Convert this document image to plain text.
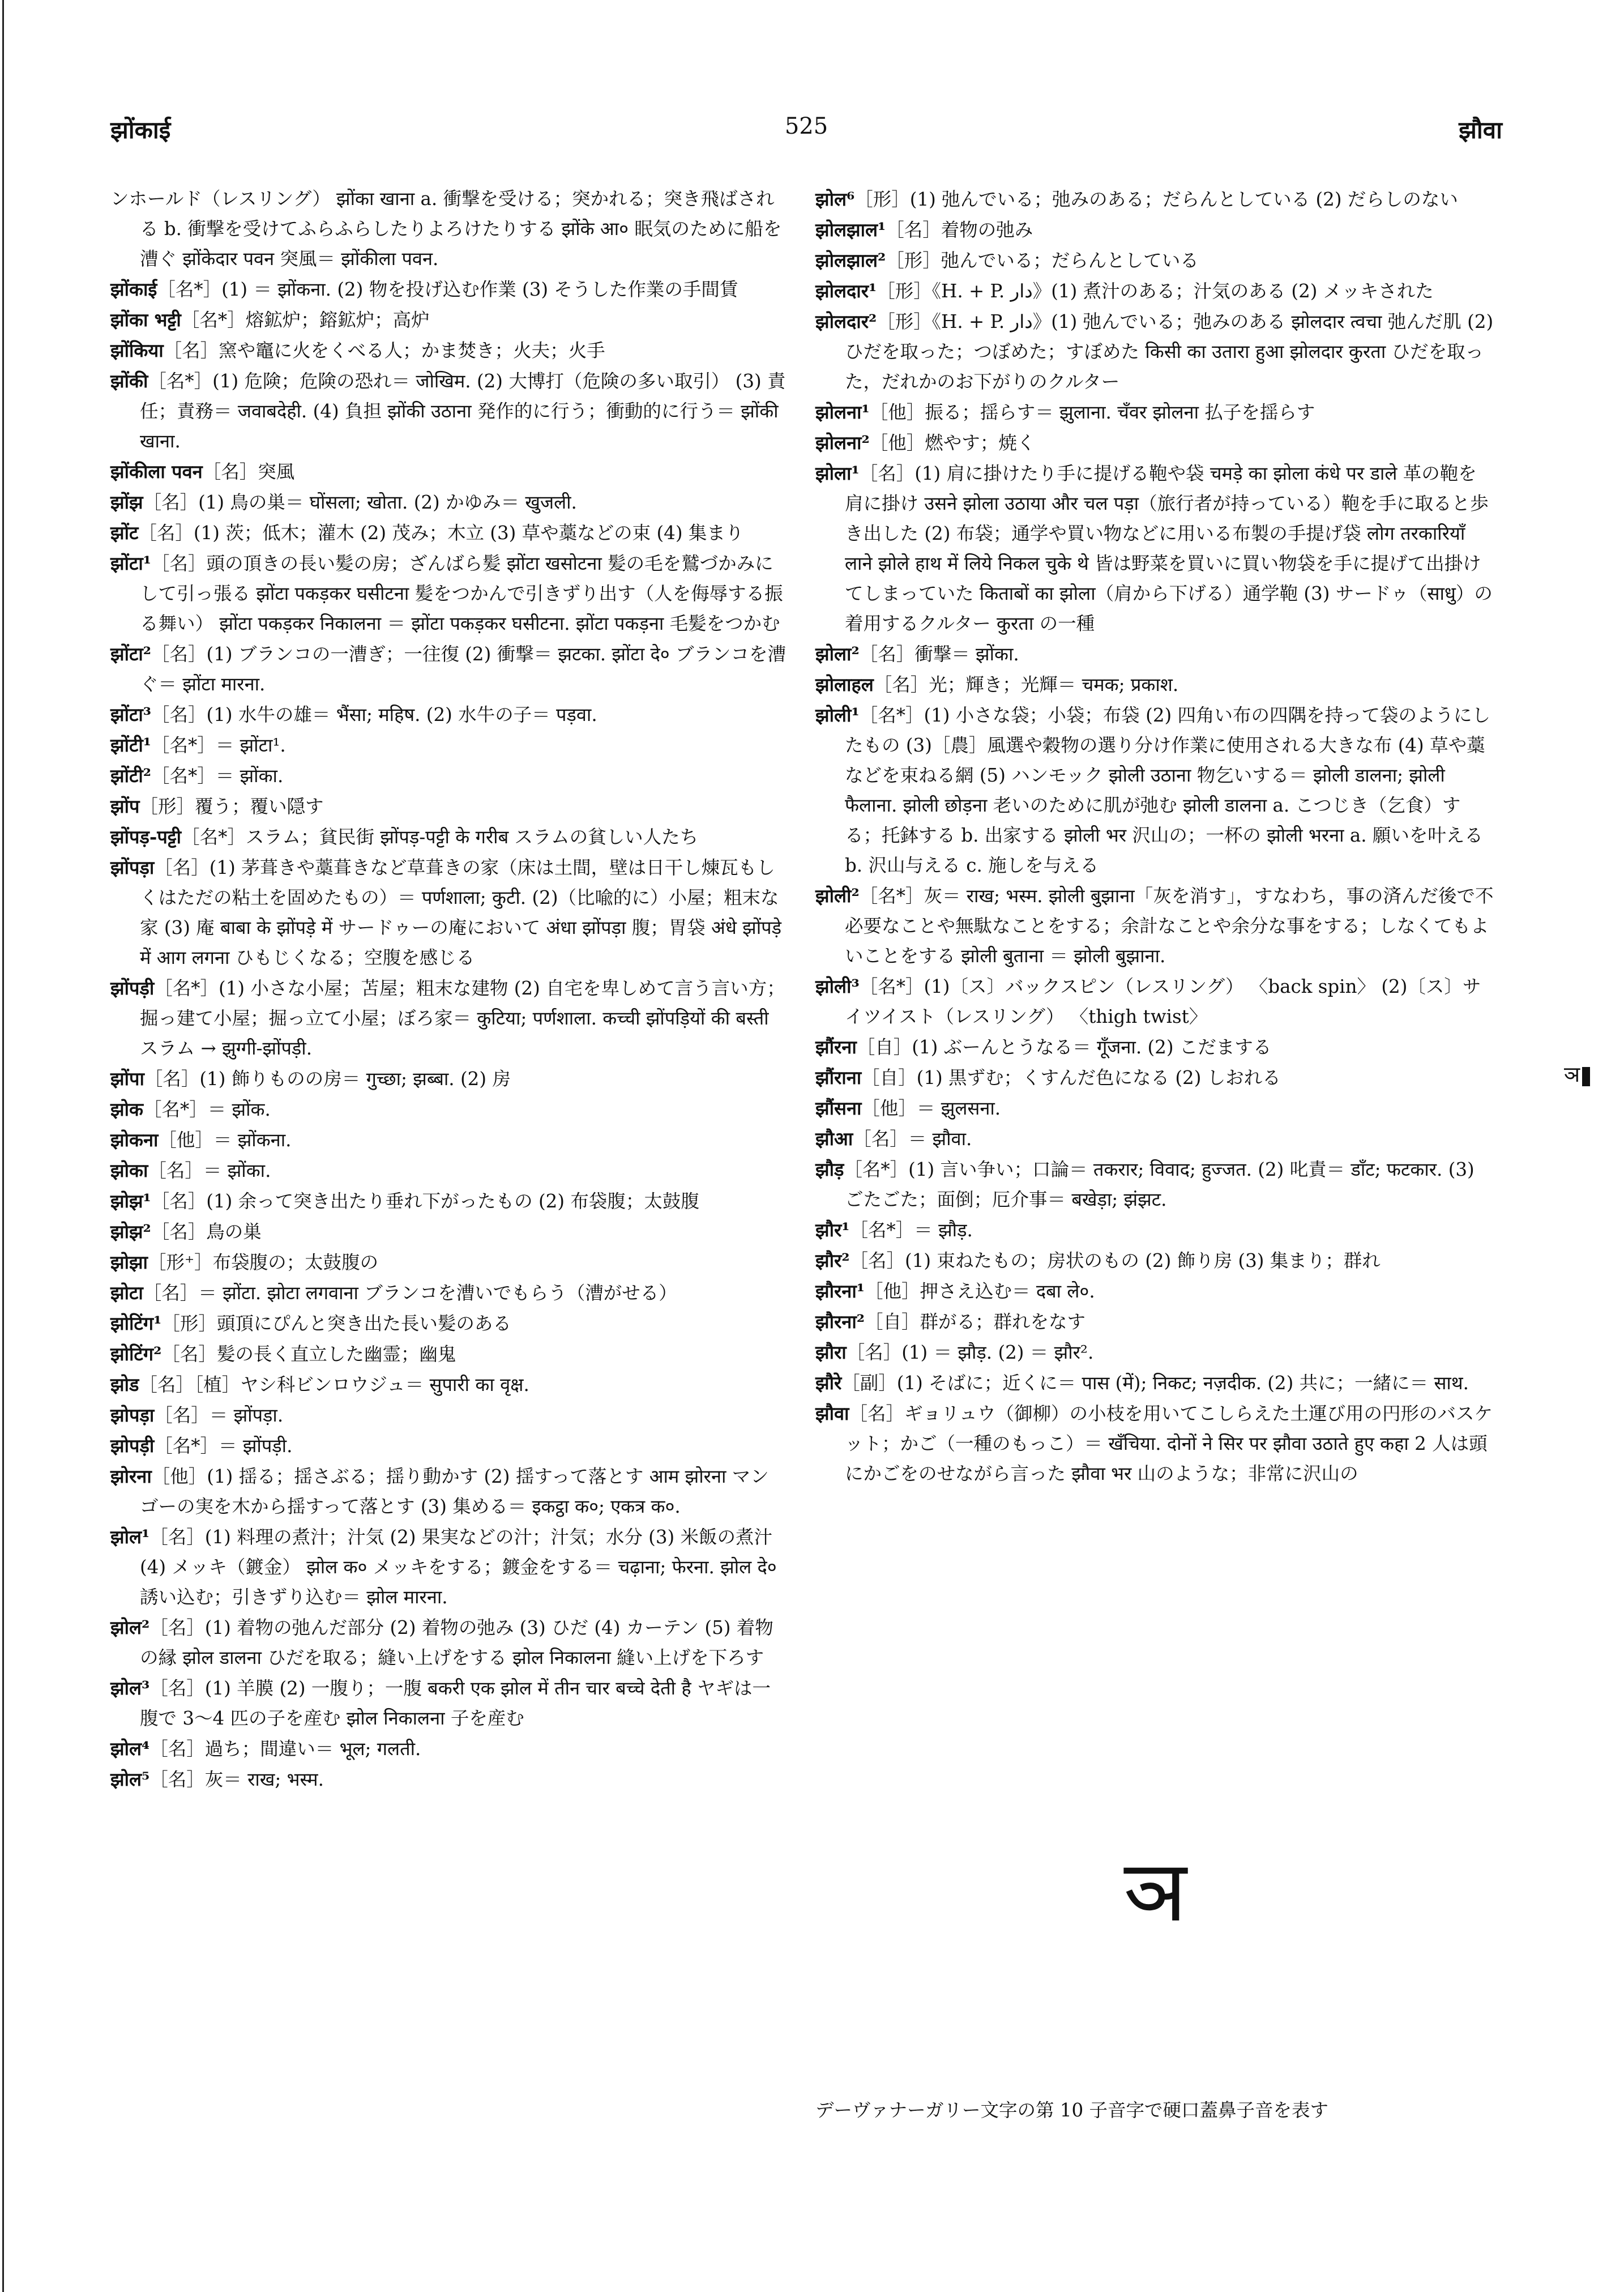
झोंकाई	525	झौवा

ンホールド（レスリング） झोंका खाना a. 衝撃を受ける；突かれる；突き飛ばされる b. 衝撃を受けてふらふらしたりよろけたりする झोंके आ० 眠気のために船を漕ぐ झोंकेदार पवन 突風＝ झोंकीला पवन.

झोंकाई［名*］(1) ＝ झोंकना. (2) 物を投げ込む作業 (3) そうした作業の手間賃

झोंका भट्टी［名*］熔鉱炉；鎔鉱炉；高炉

झोंकिया［名］窯や竈に火をくべる人；かま焚き；火夫；火手

झोंकी［名*］(1) 危険；危険の恐れ＝ जोखिम. (2) 大博打（危険の多い取引） (3) 責任；責務＝ जवाबदेही. (4) 負担 झोंकी उठाना 発作的に行う；衝動的に行う＝ झोंकी खाना.

झोंकीला पवन［名］突風

झोंझ［名］(1) 鳥の巣＝ घोंसला; खोता. (2) かゆみ＝ खुजली.

झोंट［名］(1) 茨；低木；灌木 (2) 茂み；木立 (3) 草や藁などの束 (4) 集まり

झोंटा¹［名］頭の頂きの長い髪の房；ざんばら髪 झोंटा खसोटना 髪の毛を鷲づかみにして引っ張る झोंटा पकड़कर घसीटना 髪をつかんで引きずり出す（人を侮辱する振る舞い） झोंटा पकड़कर निकालना ＝ झोंटा पकड़कर घसीटना. झोंटा पकड़ना 毛髪をつかむ

झोंटा²［名］(1) ブランコの一漕ぎ；一往復 (2) 衝撃＝ झटका. झोंटा दे० ブランコを漕ぐ＝ झोंटा मारना.

झोंटा³［名］(1) 水牛の雄＝ भैंसा; महिष. (2) 水牛の子＝ पड़वा.

झोंटी¹［名*］＝ झोंटा¹.

झोंटी²［名*］＝ झोंका.

झोंप［形］覆う；覆い隠す

झोंपड़-पट्टी［名*］スラム；貧民街 झोंपड़-पट्टी के गरीब スラムの貧しい人たち

झोंपड़ा［名］(1) 茅葺きや藁葺きなど草葺きの家（床は土間，壁は日干し煉瓦もしくはただの粘土を固めたもの）＝ पर्णशाला; कुटी. (2)（比喩的に）小屋；粗末な家 (3) 庵 बाबा के झोंपड़े में サードゥーの庵において अंधा झोंपड़ा 腹；胃袋 अंधे झोंपड़े में आग लगना ひもじくなる；空腹を感じる

झोंपड़ी［名*］(1) 小さな小屋；苫屋；粗末な建物 (2) 自宅を卑しめて言う言い方；掘っ建て小屋；掘っ立て小屋；ぼろ家＝ कुटिया; पर्णशाला. कच्ची झोंपड़ियों की बस्ती スラム → झुग्गी-झोंपड़ी.

झोंपा［名］(1) 飾りものの房＝ गुच्छा; झब्बा. (2) 房

झोक［名*］＝ झोंक.

झोकना［他］＝ झोंकना.

झोका［名］＝ झोंका.

झोझ¹［名］(1) 余って突き出たり垂れ下がったもの (2) 布袋腹；太鼓腹

झोझ²［名］鳥の巣

झोझा［形⁺］布袋腹の；太鼓腹の

झोटा［名］＝ झोंटा. झोटा लगवाना ブランコを漕いでもらう（漕がせる）

झोटिंग¹［形］頭頂にぴんと突き出た長い髪のある

झोटिंग²［名］髪の長く直立した幽霊；幽鬼

झोड［名］［植］ヤシ科ビンロウジュ＝ सुपारी का वृक्ष.

झोपड़ा［名］＝ झोंपड़ा.

झोपड़ी［名*］＝ झोंपड़ी.

झोरना［他］(1) 揺る；揺さぶる；揺り動かす (2) 揺すって落とす आम झोरना マンゴーの実を木から揺すって落とす (3) 集める＝ इकट्ठा क०; एकत्र क०.

झोल¹［名］(1) 料理の煮汁；汁気 (2) 果実などの汁；汁気；水分 (3) 米飯の煮汁 (4) メッキ（鍍金） झोल क० メッキをする；鍍金をする＝ चढ़ाना; फेरना. झोल दे० 誘い込む；引きずり込む＝ झोल मारना.

झोल²［名］(1) 着物の弛んだ部分 (2) 着物の弛み (3) ひだ (4) カーテン (5) 着物の縁 झोल डालना ひだを取る；縫い上げをする झोल निकालना 縫い上げを下ろす

झोल³［名］(1) 羊膜 (2) 一腹り；一腹 बकरी एक झोल में तीन चार बच्चे देती है ヤギは一腹で 3〜4 匹の子を産む झोल निकालना 子を産む

झोल⁴［名］過ち；間違い＝ भूल; गलती.

झोल⁵［名］灰＝ राख; भस्म.

झोल⁶［形］(1) 弛んでいる；弛みのある；だらんとしている (2) だらしのない

झोलझाल¹［名］着物の弛み

झोलझाल²［形］弛んでいる；だらんとしている

झोलदार¹［形］《H. + P. دار》(1) 煮汁のある；汁気のある (2) メッキされた

झोलदार²［形］《H. + P. دار》(1) 弛んでいる；弛みのある झोलदार त्वचा 弛んだ肌 (2) ひだを取った；つぼめた；すぼめた किसी का उतारा हुआ झोलदार कुरता ひだを取った，だれかのお下がりのクルター

झोलना¹［他］振る；揺らす＝ झुलाना. चँवर झोलना 払子を揺らす

झोलना²［他］燃やす；焼く

झोला¹［名］(1) 肩に掛けたり手に提げる鞄や袋 चमड़े का झोला कंधे पर डाले 革の鞄を肩に掛け उसने झोला उठाया और चल पड़ा（旅行者が持っている）鞄を手に取ると歩き出した (2) 布袋；通学や買い物などに用いる布製の手提げ袋 लोग तरकारियाँ लाने झोले हाथ में लिये निकल चुके थे 皆は野菜を買いに買い物袋を手に提げて出掛けてしまっていた किताबों का झोला（肩から下げる）通学鞄 (3) サードゥ（साधु）の着用するクルター कुरता の一種

झोला²［名］衝撃＝ झोंका.

झोलाहल［名］光；輝き；光輝＝ चमक; प्रकाश.

झोली¹［名*］(1) 小さな袋；小袋；布袋 (2) 四角い布の四隅を持って袋のようにしたもの (3)［農］風選や穀物の選り分け作業に使用される大きな布 (4) 草や藁などを束ねる網 (5) ハンモック झोली उठाना 物乞いする＝ झोली डालना; झोली फैलाना. झोली छोड़ना 老いのために肌が弛む झोली डालना a. こつじき（乞食）する；托鉢する b. 出家する झोली भर 沢山の；一杯の झोली भरना a. 願いを叶える b. 沢山与える c. 施しを与える

झोली²［名*］灰＝ राख; भस्म. झोली बुझाना「灰を消す」，すなわち，事の済んだ後で不必要なことや無駄なことをする；余計なことや余分な事をする；しなくてもよいことをする झोली बुताना ＝ झोली बुझाना.

झोली³［名*］(1)〔ス〕バックスピン（レスリング） 〈back spin〉 (2)〔ス〕サイツイスト（レスリング） 〈thigh twist〉

झौंरना［自］(1) ぶーんとうなる＝ गूँजना. (2) こだまする

झौंराना［自］(1) 黒ずむ；くすんだ色になる (2) しおれる

झौंसना［他］＝ झुलसना.

झौआ［名］＝ झौवा.

झौड़［名*］(1) 言い争い；口論＝ तकरार; विवाद; हुज्जत. (2) 叱責＝ डाँट; फटकार. (3) ごたごた；面倒；厄介事＝ बखेड़ा; झंझट.

झौर¹［名*］＝ झौड़.

झौर²［名］(1) 束ねたもの；房状のもの (2) 飾り房 (3) 集まり；群れ

झौरना¹［他］押さえ込む＝ दबा ले०.

झौरना²［自］群がる；群れをなす

झौरा［名］(1) ＝ झौड़. (2) ＝ झौर².

झौरे［副］(1) そばに；近くに＝ पास (में); निकट; नज़दीक. (2) 共に；一緒に＝ साथ.

झौवा［名］ギョリュウ（御柳）の小枝を用いてこしらえた土運び用の円形のバスケット；かご（一種のもっこ）＝ खँचिया. दोनों ने सिर पर झौवा उठाते हुए कहा 2 人は頭にかごをのせながら言った झौवा भर 山のような；非常に沢山の

ञ
ञ
デーヴァナーガリー文字の第 10 子音字で硬口蓋鼻子音を表す
